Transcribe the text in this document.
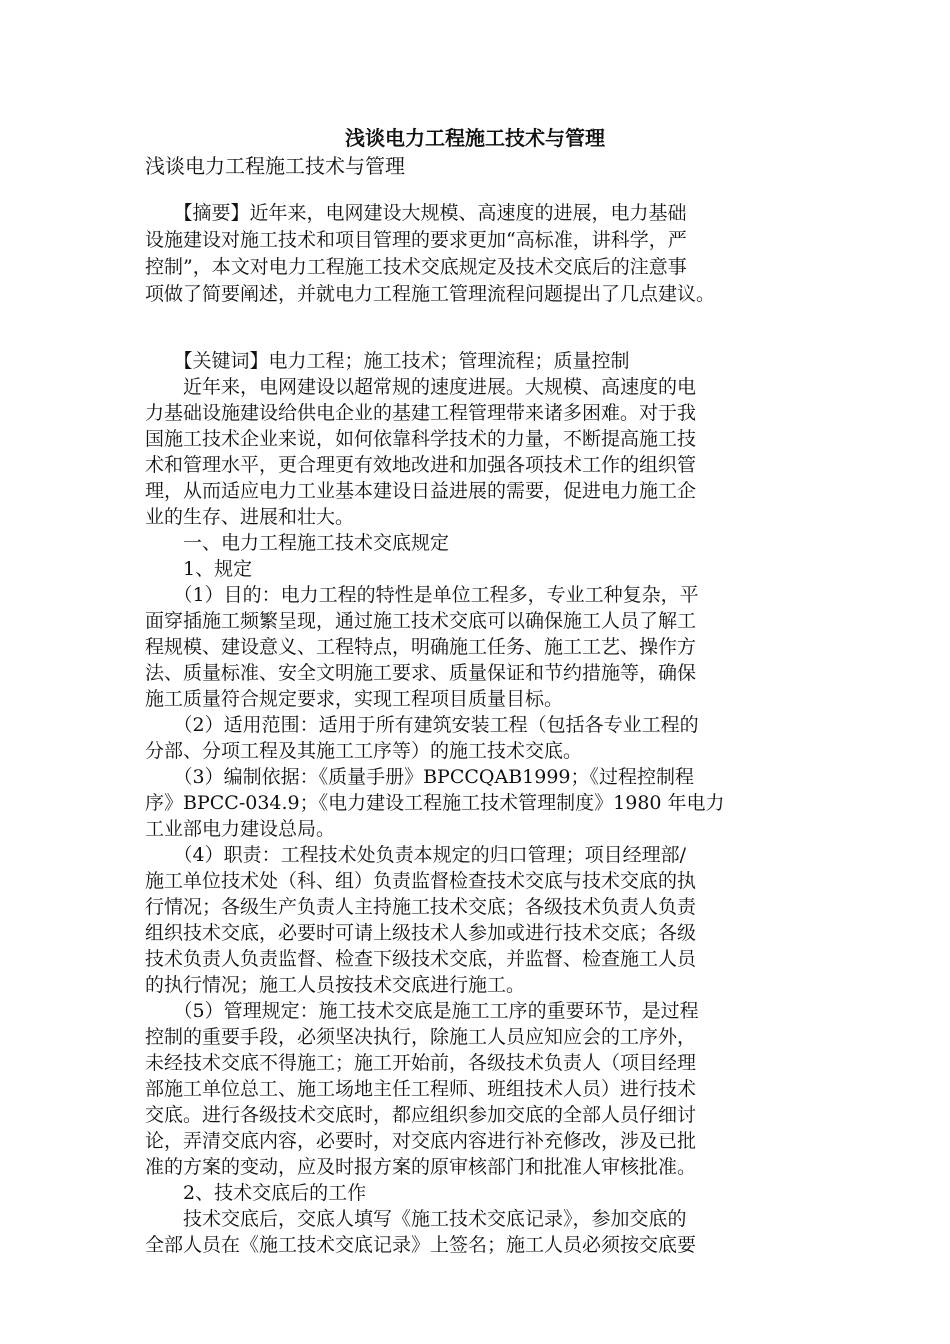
浅谈电力工程施工技术与管理
浅谈电力工程施工技术与管理
　　【摘要】近年来，电网建设大规模、高速度的进展，电力基础
设施建设对施工技术和项目管理的要求更加“高标准，讲科学，严
控制”，本文对电力工程施工技术交底规定及技术交底后的注意事
项做了简要阐述，并就电力工程施工管理流程问题提出了几点建议。
　　【关键词】电力工程；施工技术；管理流程；质量控制
　　近年来，电网建设以超常规的速度进展。大规模、高速度的电
力基础设施建设给供电企业的基建工程管理带来诸多困难。对于我
国施工技术企业来说，如何依靠科学技术的力量，不断提高施工技
术和管理水平，更合理更有效地改进和加强各项技术工作的组织管
理，从而适应电力工业基本建设日益进展的需要，促进电力施工企
业的生存、进展和壮大。
　　一、电力工程施工技术交底规定
　　1、规定
　　（1）目的：电力工程的特性是单位工程多，专业工种复杂，平
面穿插施工频繁呈现，通过施工技术交底可以确保施工人员了解工
程规模、建设意义、工程特点，明确施工任务、施工工艺、操作方
法、质量标准、安全文明施工要求、质量保证和节约措施等，确保
施工质量符合规定要求，实现工程项目质量目标。
　　（2）适用范围：适用于所有建筑安装工程（包括各专业工程的
分部、分项工程及其施工工序等）的施工技术交底。
　　（3）编制依据：《质量手册》BPCCQAB1999；《过程控制程
序》BPCC-034.9；《电力建设工程施工技术管理制度》1980 年电力
工业部电力建设总局。
　　（4）职责：工程技术处负责本规定的归口管理；项目经理部/
施工单位技术处（科、组）负责监督检查技术交底与技术交底的执
行情况；各级生产负责人主持施工技术交底；各级技术负责人负责
组织技术交底，必要时可请上级技术人参加或进行技术交底；各级
技术负责人负责监督、检查下级技术交底，并监督、检查施工人员
的执行情况；施工人员按技术交底进行施工。
　　（5）管理规定：施工技术交底是施工工序的重要环节，是过程
控制的重要手段，必须坚决执行，除施工人员应知应会的工序外，
未经技术交底不得施工；施工开始前，各级技术负责人（项目经理
部施工单位总工、施工场地主任工程师、班组技术人员）进行技术
交底。进行各级技术交底时，都应组织参加交底的全部人员仔细讨
论，弄清交底内容，必要时，对交底内容进行补充修改，涉及已批
准的方案的变动，应及时报方案的原审核部门和批准人审核批准。
　　2、技术交底后的工作
　　技术交底后，交底人填写《施工技术交底记录》，参加交底的
全部人员在《施工技术交底记录》上签名；施工人员必须按交底要
